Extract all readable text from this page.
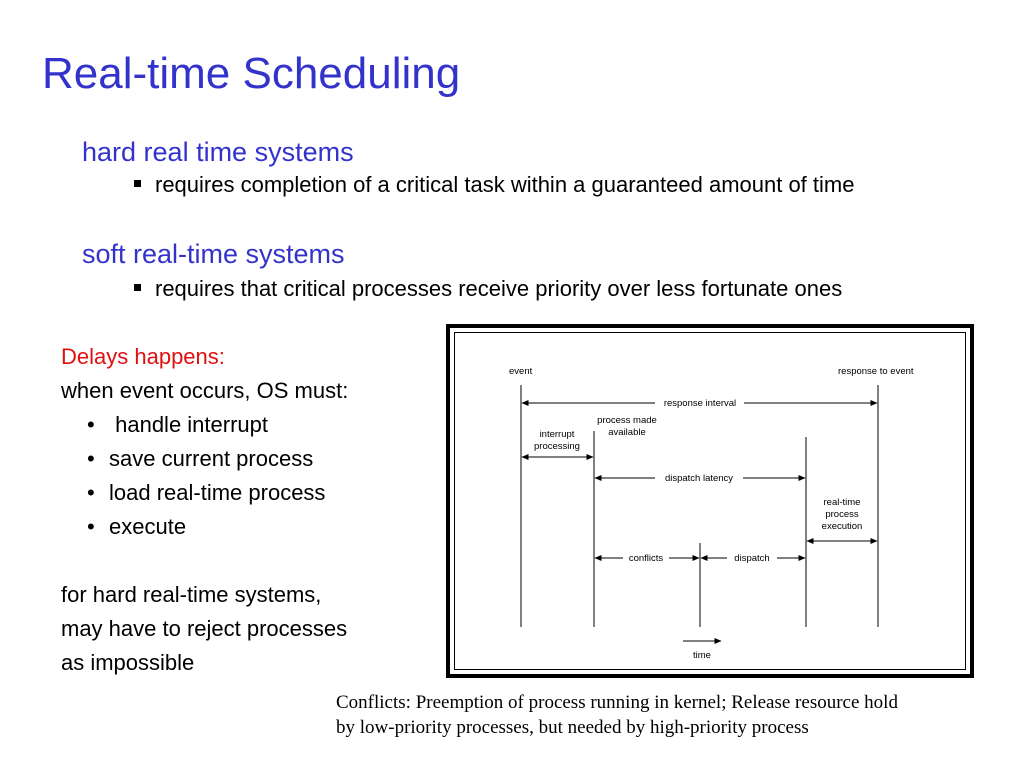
Real-time Scheduling
hard real time systems
requires completion of a critical task within a guaranteed amount of time
soft real-time systems
requires that critical processes receive priority over less fortunate ones
Delays happens:
when event occurs, OS must:
• handle interrupt
• save current process
• load real-time process
• execute
for hard real-time systems,
may have to reject processes
as impossible
event	response to event
response interval
interrupt
processing
process made
available
dispatch latency
real-time
process
execution
conflicts	dispatch
time
Conflicts: Preemption of process running in kernel; Release resource hold
by low-priority processes, but needed by high-priority process
